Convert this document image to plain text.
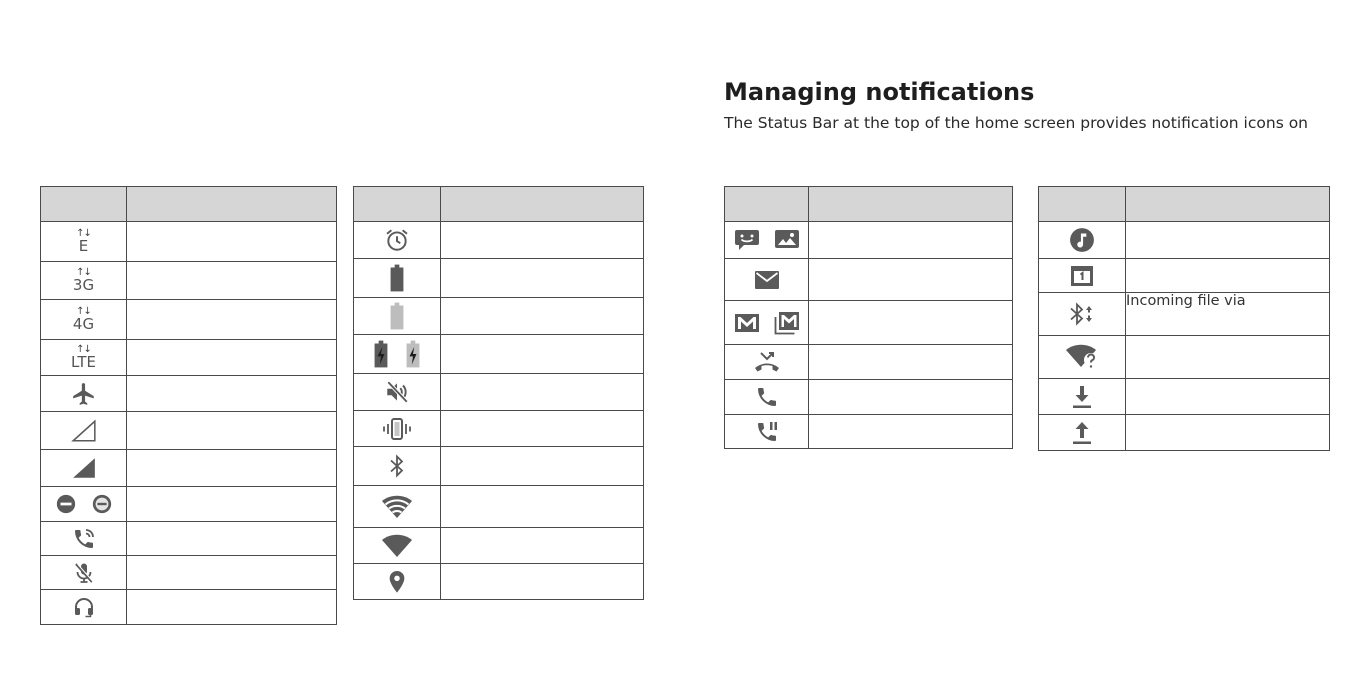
Managing notifications
The Status Bar at the top of the home screen provides notification icons on

↑↓
E	

↑↓
3G	

↑↓
4G	

↑↓
LTE	

	Incoming file via
